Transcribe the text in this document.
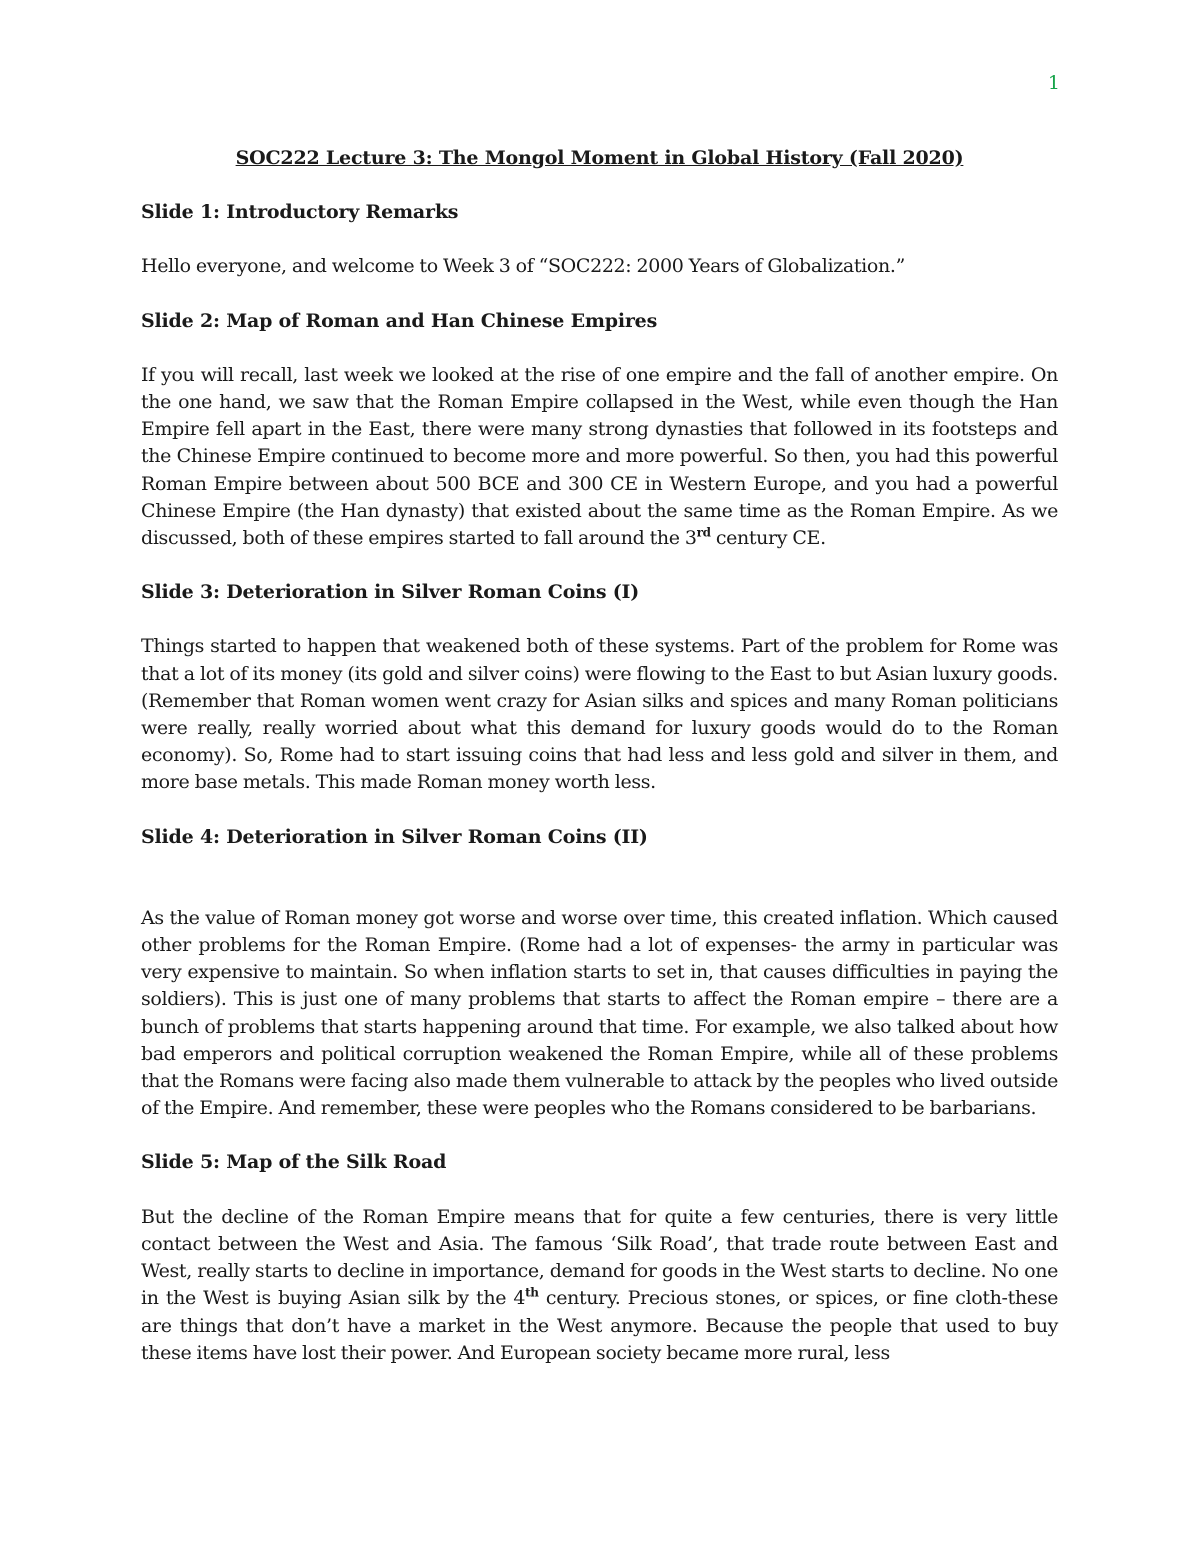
1
SOC222 Lecture 3: The Mongol Moment in Global History (Fall 2020)
Slide 1: Introductory Remarks

Hello everyone, and welcome to Week 3 of “SOC222: 2000 Years of Globalization.”

Slide 2: Map of Roman and Han Chinese Empires

If you will recall, last week we looked at the rise of one empire and the fall of another empire. On the one hand, we saw that the Roman Empire collapsed in the West, while even though the Han Empire fell apart in the East, there were many strong dynasties that followed in its footsteps and the Chinese Empire continued to become more and more powerful. So then, you had this powerful Roman Empire between about 500 BCE and 300 CE in Western Europe, and you had a powerful Chinese Empire (the Han dynasty) that existed about the same time as the Roman Empire. As we discussed, both of these empires started to fall around the 3rd century CE.

Slide 3: Deterioration in Silver Roman Coins (I)

Things started to happen that weakened both of these systems. Part of the problem for Rome was that a lot of its money (its gold and silver coins) were flowing to the East to but Asian luxury goods. (Remember that Roman women went crazy for Asian silks and spices and many Roman politicians were really, really worried about what this demand for luxury goods would do to the Roman economy). So, Rome had to start issuing coins that had less and less gold and silver in them, and more base metals. This made Roman money worth less.

Slide 4: Deterioration in Silver Roman Coins (II)

As the value of Roman money got worse and worse over time, this created inflation. Which caused other problems for the Roman Empire. (Rome had a lot of expenses- the army in particular was very expensive to maintain. So when inflation starts to set in, that causes difficulties in paying the soldiers). This is just one of many problems that starts to affect the Roman empire – there are a bunch of problems that starts happening around that time. For example, we also talked about how bad emperors and political corruption weakened the Roman Empire, while all of these problems that the Romans were facing also made them vulnerable to attack by the peoples who lived outside of the Empire. And remember, these were peoples who the Romans considered to be barbarians.

Slide 5: Map of the Silk Road

But the decline of the Roman Empire means that for quite a few centuries, there is very little contact between the West and Asia. The famous ‘Silk Road’, that trade route between East and West, really starts to decline in importance, demand for goods in the West starts to decline. No one in the West is buying Asian silk by the 4th century. Precious stones, or spices, or fine cloth-these are things that don’t have a market in the West anymore. Because the people that used to buy these items have lost their power. And European society became more rural, less
